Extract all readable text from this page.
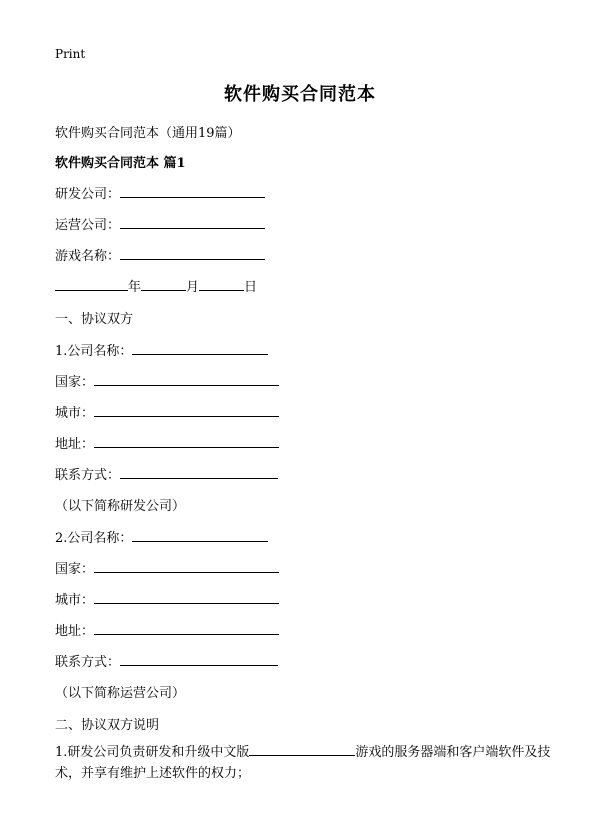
Print
软件购买合同范本
软件购买合同范本（通用19篇）
软件购买合同范本 篇1
研发公司：
运营公司：
游戏名称：
年	月	日
一、协议双方
1.公司名称：
国家：
城市：
地址：
联系方式：
（以下简称研发公司）
2.公司名称：
国家：
城市：
地址：
联系方式：
（以下简称运营公司）
二、协议双方说明
1.研发公司负责研发和升级中文版	游戏的服务器端和客户端软件及技术，并享有维护上述软件的权力；
